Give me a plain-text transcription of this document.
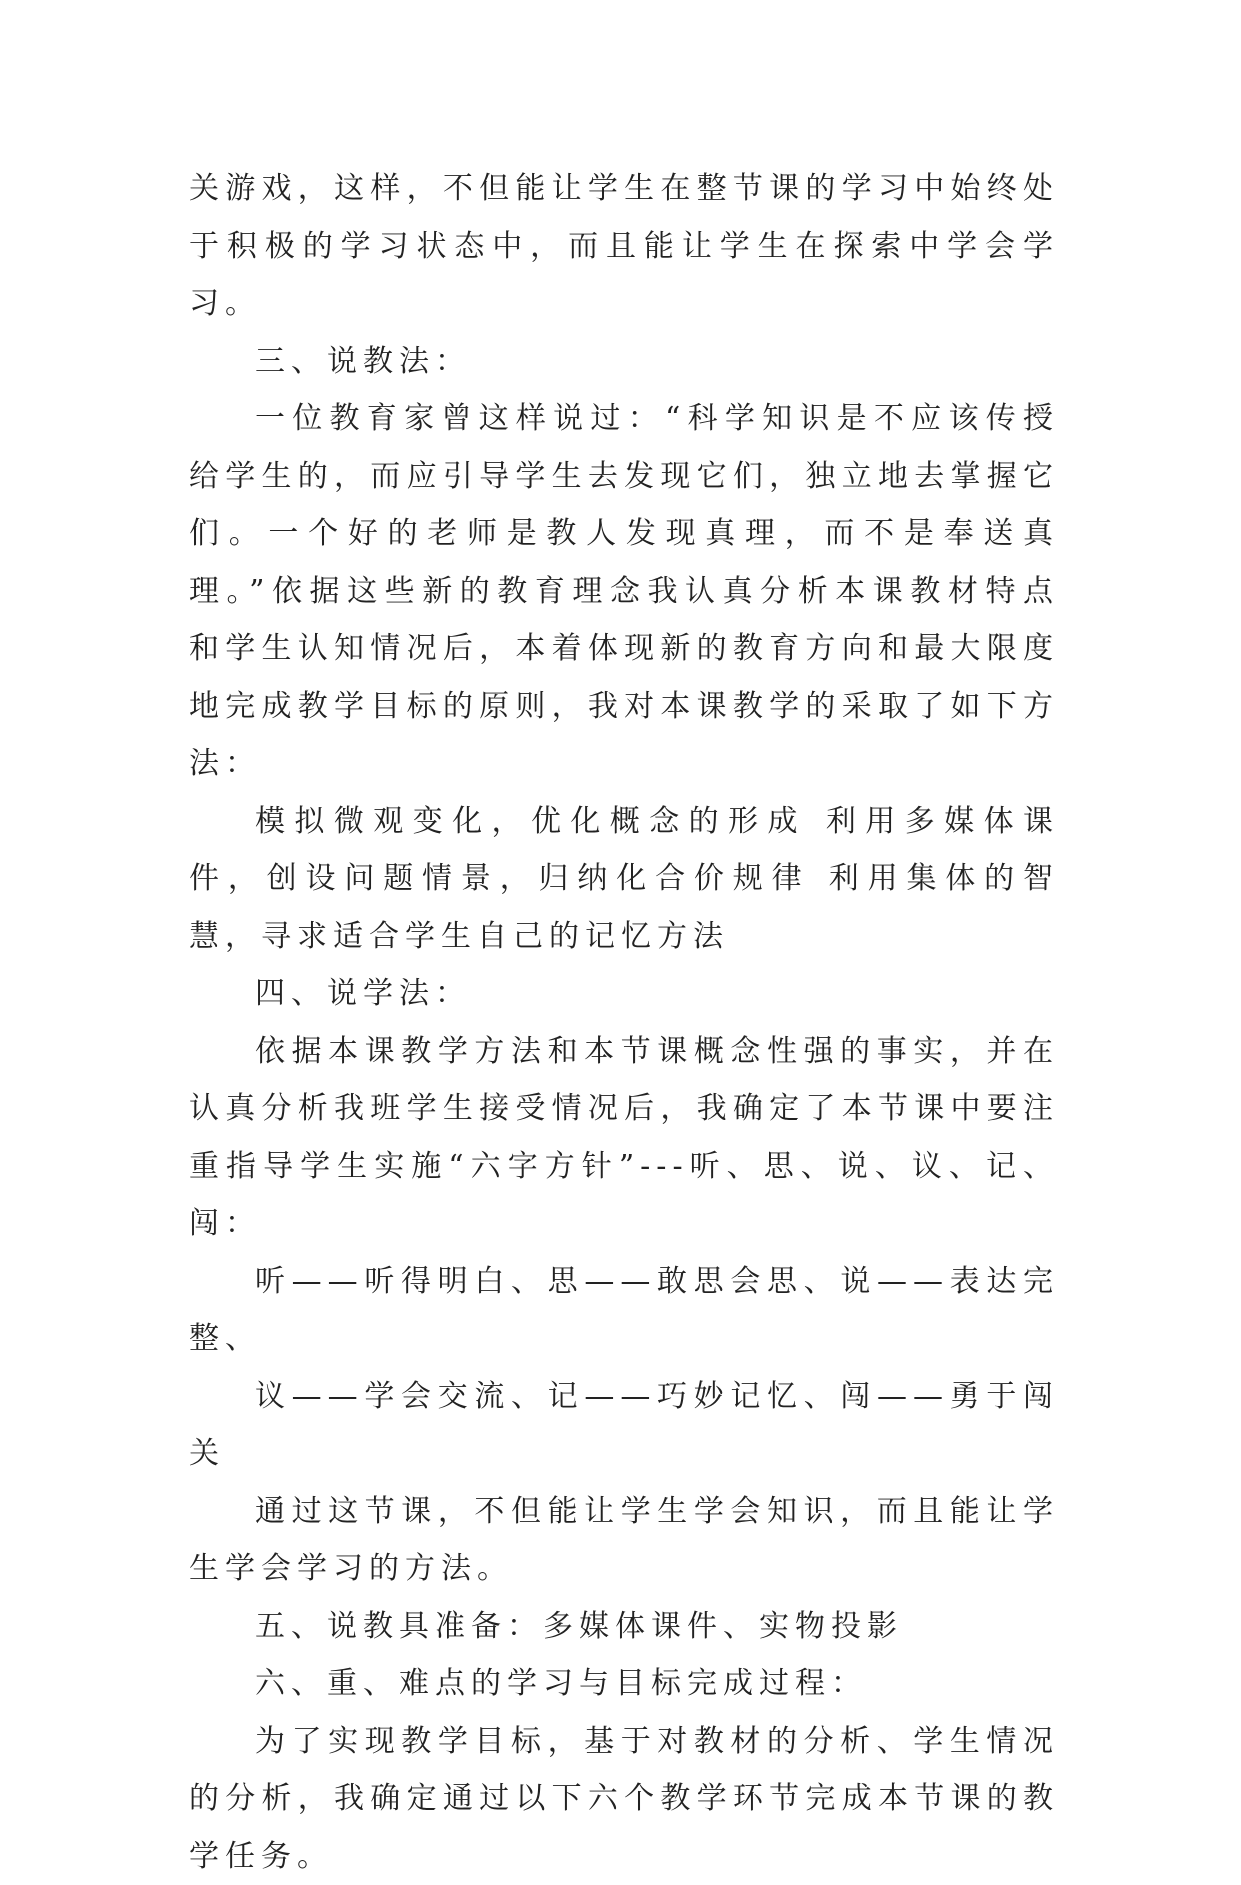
关游戏，这样，不但能让学生在整节课的学习中始终处于积极的学习状态中，而且能让学生在探索中学会学习。

三、说教法：

一位教育家曾这样说过：“科学知识是不应该传授给学生的，而应引导学生去发现它们，独立地去掌握它们。一个好的老师是教人发现真理，而不是奉送真理。”依据这些新的教育理念我认真分析本课教材特点和学生认知情况后，本着体现新的教育方向和最大限度地完成教学目标的原则，我对本课教学的采取了如下方法：

模拟微观变化，优化概念的形成 利用多媒体课件，创设问题情景，归纳化合价规律 利用集体的智慧，寻求适合学生自己的记忆方法

四、说学法：

依据本课教学方法和本节课概念性强的事实，并在认真分析我班学生接受情况后，我确定了本节课中要注重指导学生实施“六字方针”---听、思、说、议、记、闯：

听——听得明白、思——敢思会思、说——表达完整、

议——学会交流、记——巧妙记忆、闯——勇于闯关

通过这节课，不但能让学生学会知识，而且能让学生学会学习的方法。

五、说教具准备：多媒体课件、实物投影

六、重、难点的学习与目标完成过程：

为了实现教学目标，基于对教材的分析、学生情况的分析，我确定通过以下六个教学环节完成本节课的教学任务。
